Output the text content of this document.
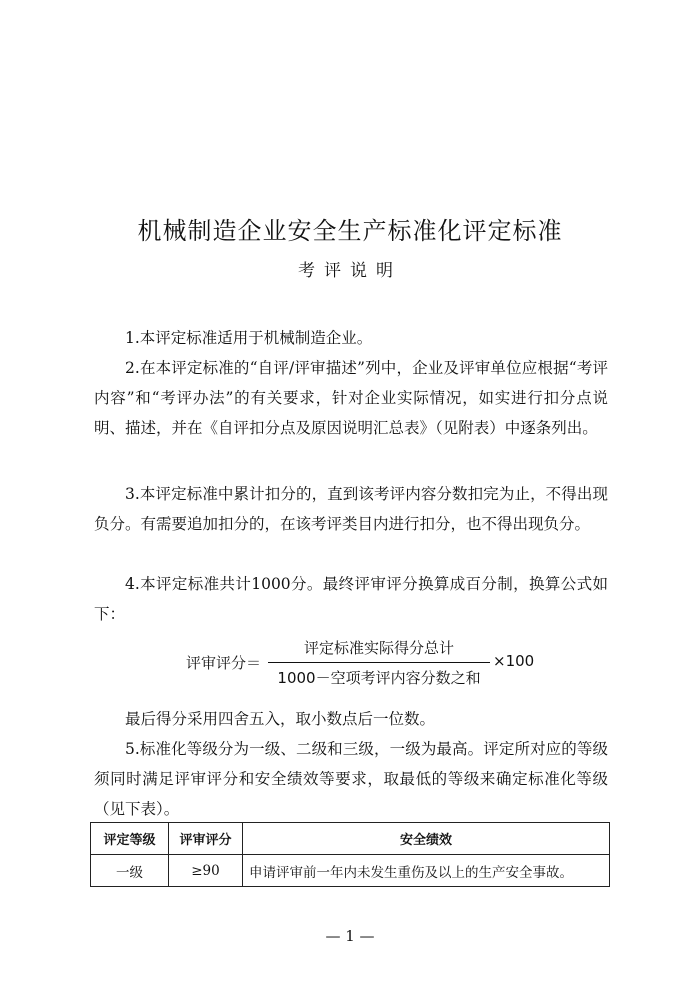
机械制造企业安全生产标准化评定标准
考评说明

1.本评定标准适用于机械制造企业。

2.在本评定标准的“自评/评审描述”列中，企业及评审单位应根据“考评内容”和“考评办法”的有关要求，针对企业实际情况，如实进行扣分点说明、描述，并在《自评扣分点及原因说明汇总表》（见附表）中逐条列出。

3.本评定标准中累计扣分的，直到该考评内容分数扣完为止，不得出现负分。有需要追加扣分的，在该考评类目内进行扣分，也不得出现负分。

4.本评定标准共计1000分。最终评审评分换算成百分制，换算公式如下：

评审评分＝
评定标准实际得分总计
1000－空项考评内容分数之和
×100

最后得分采用四舍五入，取小数点后一位数。

5.标准化等级分为一级、二级和三级，一级为最高。评定所对应的等级须同时满足评审评分和安全绩效等要求，取最低的等级来确定标准化等级（见下表）。

评定等级	评审评分	安全绩效
一级	≥90	申请评审前一年内未发生重伤及以上的生产安全事故。
— 1 —
